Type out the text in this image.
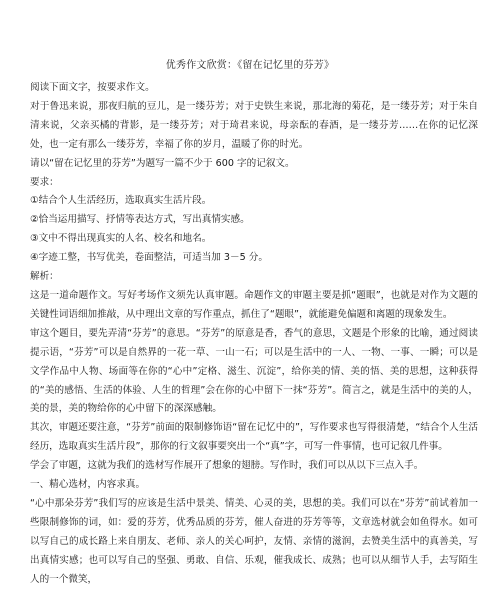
优秀作文欣赏：《留在记忆里的芬芳》

阅读下面文字，按要求作文。

对于鲁迅来说，那夜归航的豆儿，是一缕芬芳；对于史铁生来说，那北海的菊花，是一缕芬芳；对于朱自清来说，父亲买橘的背影，是一缕芬芳；对于琦君来说，母亲酝的春酒，是一缕芬芳……在你的记忆深处，也一定有那么一缕芬芳，幸福了你的岁月，温暖了你的时光。

请以“留在记忆里的芬芳”为题写一篇不少于 600 字的记叙文。

要求：

①结合个人生活经历，选取真实生活片段。

②恰当运用描写、抒情等表达方式，写出真情实感。

③文中不得出现真实的人名、校名和地名。

④字迹工整，书写优美，卷面整洁，可适当加 3－5 分。

解析：

这是一道命题作文。写好考场作文须先认真审题。命题作文的审题主要是抓“题眼”，也就是对作为文题的关键性词语细加推敲，从中理出文章的写作重点，抓住了“题眼”，就能避免偏题和离题的现象发生。

审这个题目，要先弄清“芬芳”的意思。“芬芳”的原意是香，香气的意思，文题是个形象的比喻，通过阅读提示语，“芬芳”可以是自然界的一花一草、一山一石；可以是生活中的一人、一物、一事、一瞬；可以是文学作品中人物、场面等在你的“心中”定格、滋生、沉淀”，给你美的情、美的悟、美的思想，这种获得的“美的感悟、生活的体验、人生的哲理”会在你的心中留下一抹“芬芳”。简言之，就是生活中的美的人，美的景，美的物给你的心中留下的深深感触。

其次，审题还要注意，“芬芳”前面的限制修饰语“留在记忆中的”，写作要求也写得很清楚，“结合个人生活经历，选取真实生活片段”，那你的行文叙事要突出一个“真”字，可写一件事情，也可记叙几件事。

学会了审题，这就为我们的选材写作展开了想象的翅膀。写作时，我们可以从以下三点入手。

一、精心选材，内容求真。

“心中那朵芬芳”我们写的应该是生活中景美、情美、心灵的美，思想的美。我们可以在“芬芳”前试着加一些限制修饰的词，如：爱的芬芳，优秀品质的芬芳，催人奋进的芬芳等等，文章选材就会如鱼得水。如可以写自己的成长路上来自朋友、老师、亲人的关心呵护，友情、亲情的滋润，去赞美生活中的真善美，写出真情实感；也可以写自己的坚强、勇敢、自信、乐观，催我成长、成熟；也可以从细节人手，去写陌生人的一个微笑，
